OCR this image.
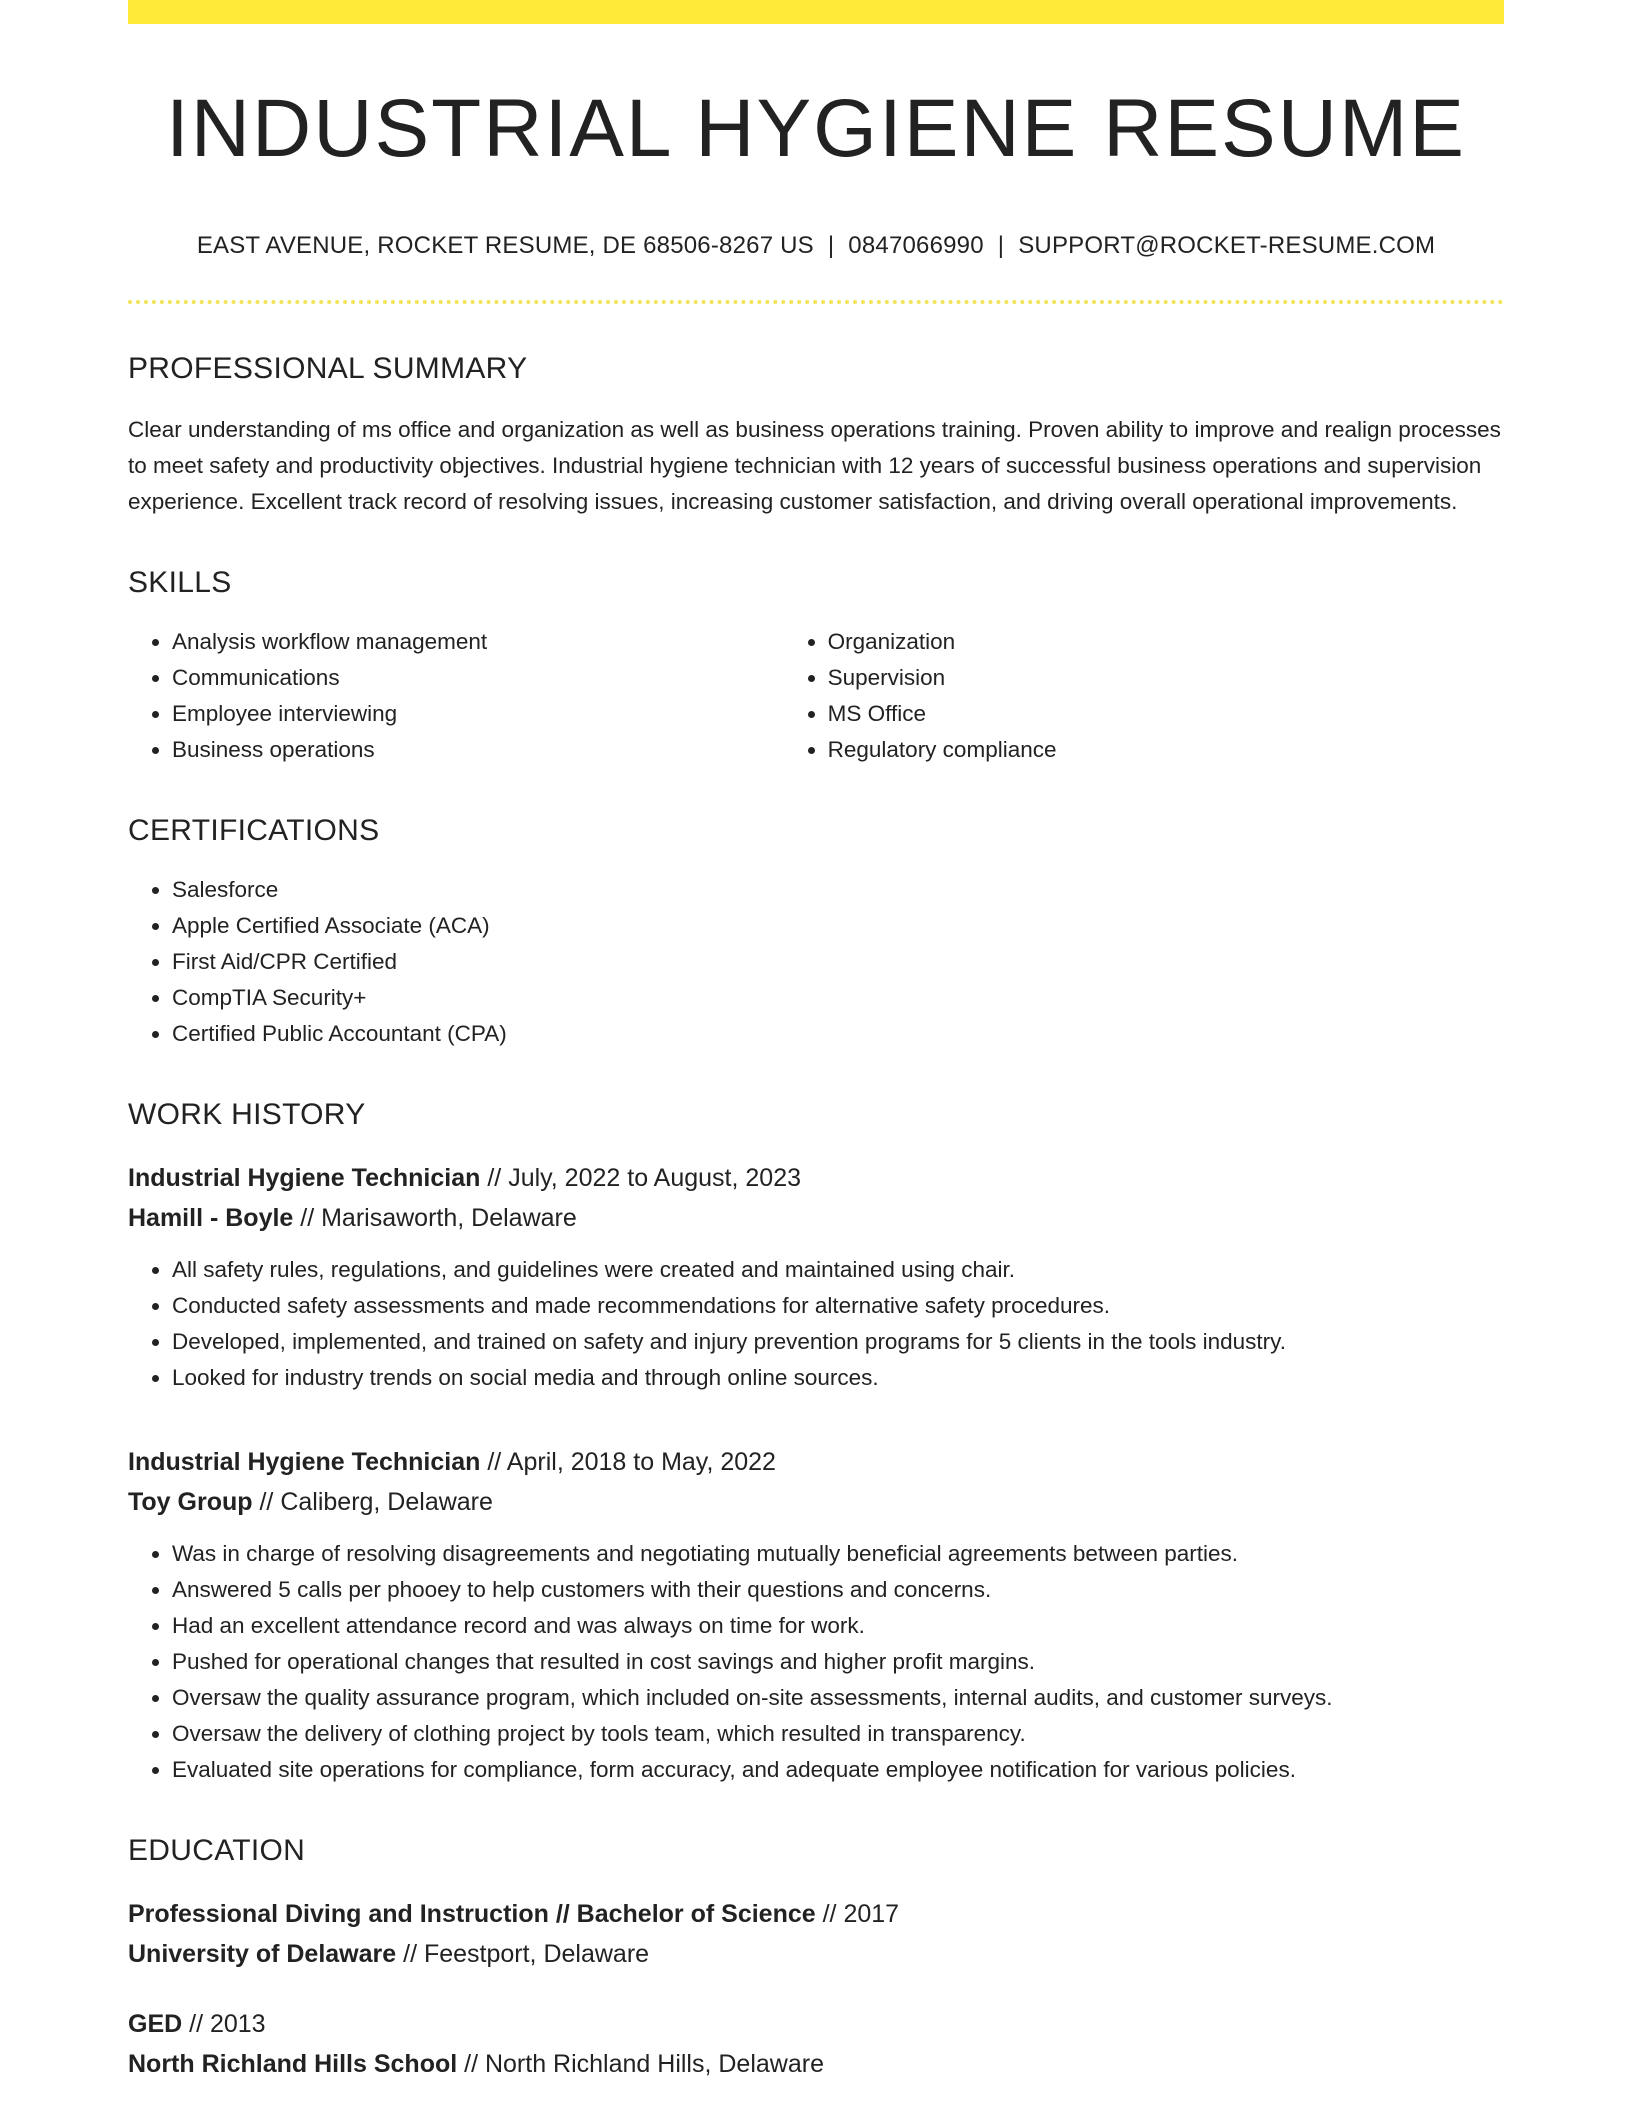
INDUSTRIAL HYGIENE RESUME
EAST AVENUE, ROCKET RESUME, DE 68506-8267 US | 0847066990 | SUPPORT@ROCKET-RESUME.COM
PROFESSIONAL SUMMARY

Clear understanding of ms office and organization as well as business operations training. Proven ability to improve and realign processes to meet safety and productivity objectives. Industrial hygiene technician with 12 years of successful business operations and supervision experience. Excellent track record of resolving issues, increasing customer satisfaction, and driving overall operational improvements.

SKILLS
• Analysis workflow management
• Communications
• Employee interviewing
• Business operations
• Organization
• Supervision
• MS Office
• Regulatory compliance
CERTIFICATIONS
• Salesforce
• Apple Certified Associate (ACA)
• First Aid/CPR Certified
• CompTIA Security+
• Certified Public Accountant (CPA)
WORK HISTORY

Industrial Hygiene Technician // July, 2022 to August, 2023

Hamill - Boyle // Marisaworth, Delaware

• All safety rules, regulations, and guidelines were created and maintained using chair.
• Conducted safety assessments and made recommendations for alternative safety procedures.
• Developed, implemented, and trained on safety and injury prevention programs for 5 clients in the tools industry.
• Looked for industry trends on social media and through online sources.

Industrial Hygiene Technician // April, 2018 to May, 2022

Toy Group // Caliberg, Delaware

• Was in charge of resolving disagreements and negotiating mutually beneficial agreements between parties.
• Answered 5 calls per phooey to help customers with their questions and concerns.
• Had an excellent attendance record and was always on time for work.
• Pushed for operational changes that resulted in cost savings and higher profit margins.
• Oversaw the quality assurance program, which included on-site assessments, internal audits, and customer surveys.
• Oversaw the delivery of clothing project by tools team, which resulted in transparency.
• Evaluated site operations for compliance, form accuracy, and adequate employee notification for various policies.
EDUCATION

Professional Diving and Instruction // Bachelor of Science // 2017

University of Delaware // Feestport, Delaware

GED // 2013

North Richland Hills School // North Richland Hills, Delaware
